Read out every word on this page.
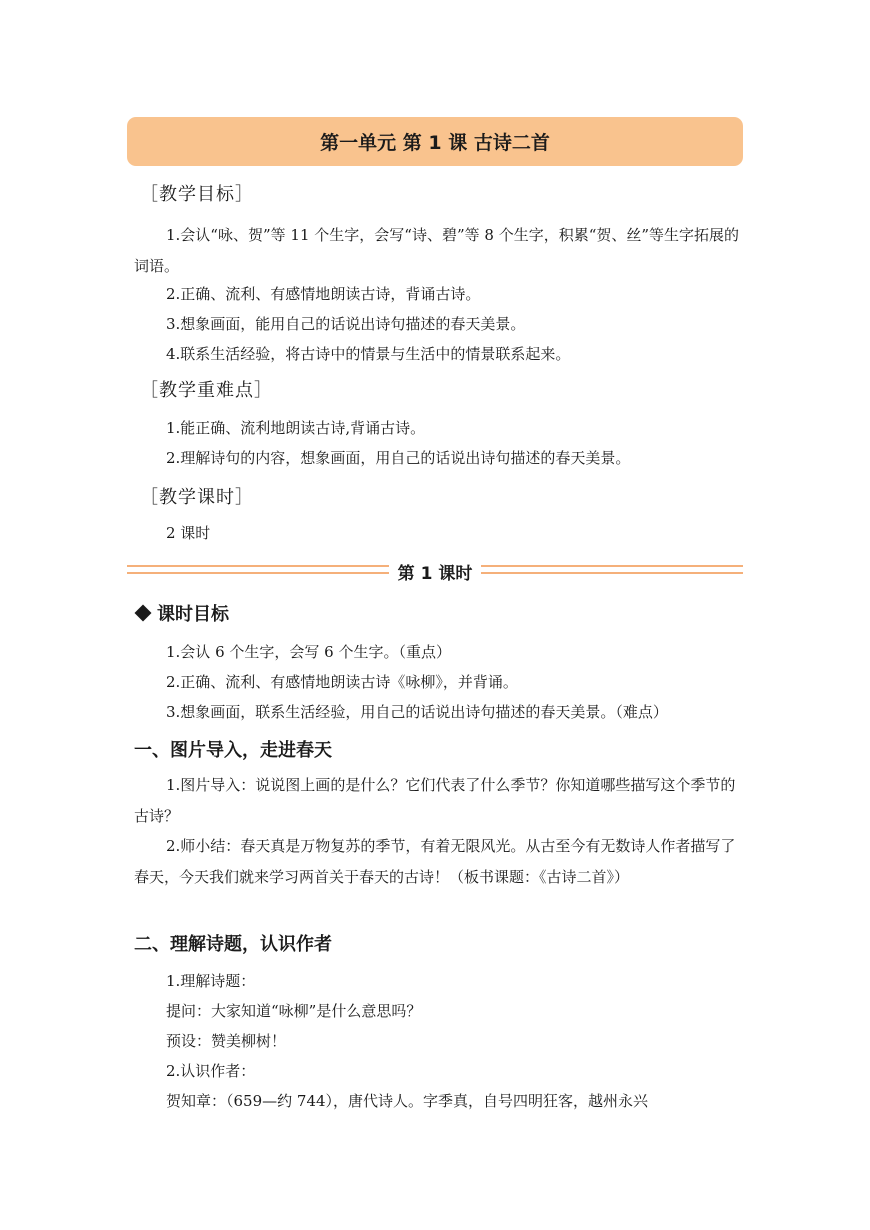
第一单元 第 1 课 古诗二首
［教学目标］
1.会认“咏、贺”等 11 个生字，会写“诗、碧”等 8 个生字，积累“贺、丝”等生字拓展的词语。
2.正确、流利、有感情地朗读古诗，背诵古诗。
3.想象画面，能用自己的话说出诗句描述的春天美景。
4.联系生活经验，将古诗中的情景与生活中的情景联系起来。
［教学重难点］
1.能正确、流利地朗读古诗,背诵古诗。
2.理解诗句的内容，想象画面，用自己的话说出诗句描述的春天美景。
［教学课时］
2 课时
第 1 课时
课时目标
1.会认 6 个生字，会写 6 个生字。（重点）
2.正确、流利、有感情地朗读古诗《咏柳》，并背诵。
3.想象画面，联系生活经验，用自己的话说出诗句描述的春天美景。（难点）
一、图片导入，走进春天
1.图片导入：说说图上画的是什么？它们代表了什么季节？你知道哪些描写这个季节的古诗？
2.师小结：春天真是万物复苏的季节，有着无限风光。从古至今有无数诗人作者描写了春天，今天我们就来学习两首关于春天的古诗！（板书课题：《古诗二首》）
二、理解诗题，认识作者
1.理解诗题：
提问：大家知道“咏柳”是什么意思吗？
预设：赞美柳树！
2.认识作者：
贺知章：（659—约 744），唐代诗人。字季真，自号四明狂客，越州永兴
